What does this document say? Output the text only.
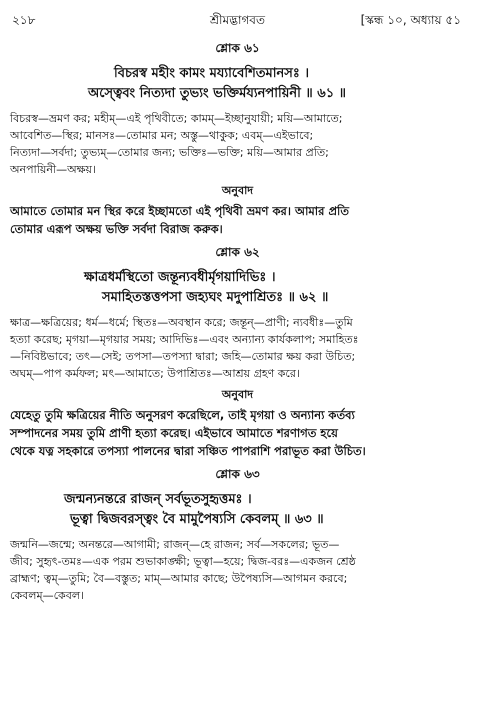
২১৮	শ্রীমদ্ভাগবত	[স্কন্ধ ১০, অধ্যায় ৫১
শ্লোক ৬১
বিচরস্ব মহীং কামং ময্যাবেশিতমানসঃ ।
অস্ত্বেবং নিত্যদা তুভ্যং ভক্তির্ময্যনপায়িনী ॥ ৬১ ॥
বিচরস্ব—ভ্রমণ কর; মহীম্—এই পৃথিবীতে; কামম্—ইচ্ছানুযায়ী; ময়ি—আমাতে;
আবেশিত—স্থির; মানসঃ—তোমার মন; অস্তু—থাকুক; এবম্—এইভাবে;
নিত্যদা—সর্বদা; তুভ্যম্—তোমার জন্য; ভক্তিঃ—ভক্তি; ময়ি—আমার প্রতি;
অনপায়িনী—অক্ষয়।
অনুবাদ
আমাতে তোমার মন স্থির করে ইচ্ছামতো এই পৃথিবী ভ্রমণ কর। আমার প্রতি
তোমার এরূপ অক্ষয় ভক্তি সর্বদা বিরাজ করুক।
শ্লোক ৬২
ক্ষাত্রধর্মস্থিতো জন্তূন্যবধীর্মৃগয়াদিভিঃ ।
সমাহিতস্তত্তপসা জহ্যঘং মদুপাশ্রিতঃ ॥ ৬২ ॥
ক্ষাত্র—ক্ষত্রিয়ের; ধর্ম—ধর্মে; স্থিতঃ—অবস্থান করে; জন্তূন্—প্রাণী; ন্যবধীঃ—তুমি
হত্যা করেছ; মৃগয়া—মৃগয়ার সময়; আদিভিঃ—এবং অন্যান্য কার্যকলাপ; সমাহিতঃ
—নিবিষ্টভাবে; তৎ—সেই; তপসা—তপস্যা দ্বারা; জহি—তোমার ক্ষয় করা উচিত;
অঘম্—পাপ কর্মফল; মৎ—আমাতে; উপাশ্রিতঃ—আশ্রয় গ্রহণ করে।
অনুবাদ
যেহেতু তুমি ক্ষত্রিয়ের নীতি অনুসরণ করেছিলে, তাই মৃগয়া ও অন্যান্য কর্তব্য
সম্পাদনের সময় তুমি প্রাণী হত্যা করেছ। এইভাবে আমাতে শরণাগত হয়ে
থেকে যত্ন সহকারে তপস্যা পালনের দ্বারা সঞ্চিত পাপরাশি পরাভূত করা উচিত।
শ্লোক ৬৩
জন্মন্যনন্তরে রাজন্ সর্বভূতসুহৃত্তমঃ ।
ভূত্বা দ্বিজবরস্ত্বং বৈ মামুপৈষ্যসি কেবলম্ ॥ ৬৩ ॥
জন্মনি—জন্মে; অনন্তরে—আগামী; রাজন্—হে রাজন; সর্ব—সকলের; ভূত—
জীব; সুহৃৎ-তমঃ—এক পরম শুভাকাঙ্ক্ষী; ভূত্বা—হয়ে; দ্বিজ-বরঃ—একজন শ্রেষ্ঠ
ব্রাহ্মণ; ত্বম্—তুমি; বৈ—বস্তুত; মাম্—আমার কাছে; উপৈষ্যসি—আগমন করবে;
কেবলম্—কেবল।
